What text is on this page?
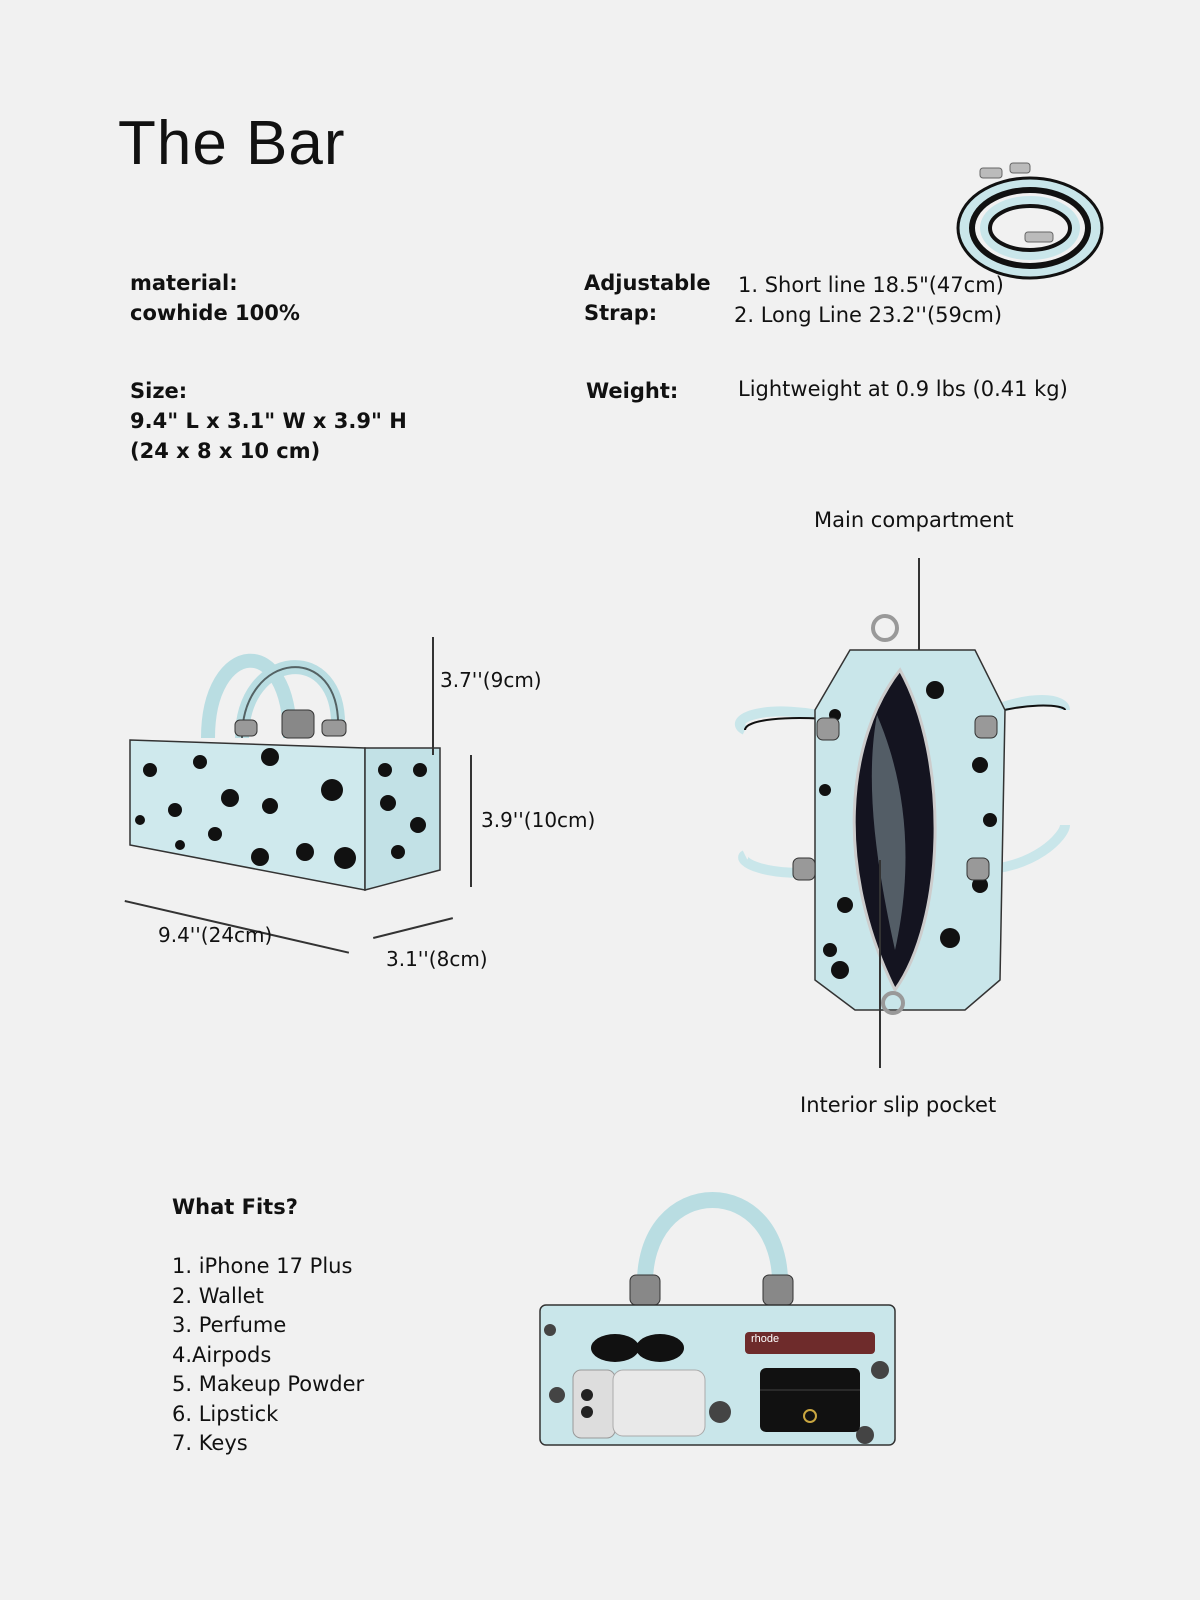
The Bar
material:
cowhide 100%
Size:
9.4" L x 3.1" W x 3.9" H
(24 x 8 x 10 cm)
Adjustable
Strap:
1. Short line 18.5"(47cm)
2. Long Line 23.2''(59cm)
Weight:	Lightweight at 0.9 lbs (0.41 kg)
3.7''(9cm)
3.9''(10cm)
9.4''(24cm)
3.1''(8cm)
Main compartment
Interior slip pocket
What Fits?
1. iPhone 17 Plus
2. Wallet
3. Perfume
4.Airpods
5. Makeup Powder
6. Lipstick
7. Keys
rhode
